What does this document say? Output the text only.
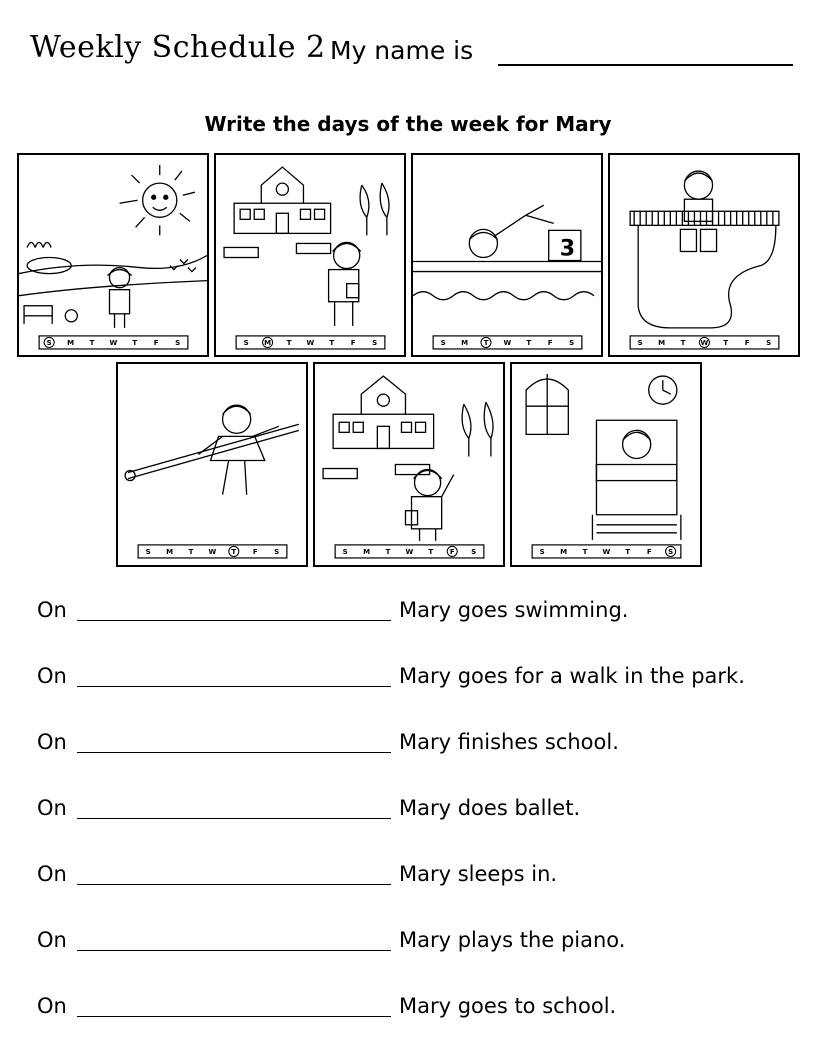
Weekly Schedule 2 My name is
Write the days of the week for Mary
S M T W T F S	S M T W T F S
3
S M T W T F S	S M T W T F S
S M T W T F S	S M T W T F S	S M T W T F S
On	Mary goes swimming.
On	Mary goes for a walk in the park.
On	Mary finishes school.
On	Mary does ballet.
On	Mary sleeps in.
On	Mary plays the piano.
On	Mary goes to school.
